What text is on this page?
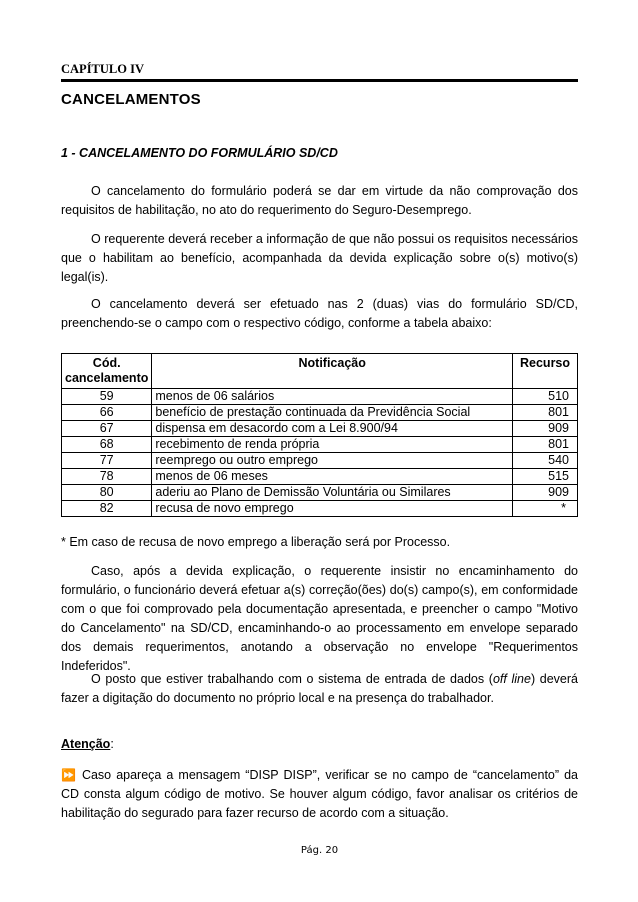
CAPÍTULO IV
CANCELAMENTOS
1 - CANCELAMENTO DO FORMULÁRIO SD/CD

O cancelamento do formulário poderá se dar em virtude da não comprovação dos requisitos de habilitação, no ato do requerimento do Seguro-Desemprego.

O requerente deverá receber a informação de que não possui os requisitos necessários que o habilitam ao benefício, acompanhada da devida explicação sobre o(s) motivo(s) legal(is).

O cancelamento deverá ser efetuado nas 2 (duas) vias do formulário SD/CD, preenchendo-se o campo com o respectivo código, conforme a tabela abaixo:

Cód. cancelamento	Notificação	Recurso
59	menos de 06 salários	510
66	benefício de prestação continuada da Previdência Social	801
67	dispensa em desacordo com a Lei 8.900/94	909
68	recebimento de renda própria	801
77	reemprego ou outro emprego	540
78	menos de 06 meses	515
80	aderiu ao Plano de Demissão Voluntária ou Similares	909
82	recusa de novo emprego	*

* Em caso de recusa de novo emprego a liberação será por Processo.

Caso, após a devida explicação, o requerente insistir no encaminhamento do formulário, o funcionário deverá efetuar a(s) correção(ões) do(s) campo(s), em conformidade com o que foi comprovado pela documentação apresentada, e preencher o campo "Motivo do Cancelamento" na SD/CD, encaminhando-o ao processamento em envelope separado dos demais requerimentos, anotando a observação no envelope "Requerimentos Indeferidos".

O posto que estiver trabalhando com o sistema de entrada de dados (off line) deverá fazer a digitação do documento no próprio local e na presença do trabalhador.

Atenção:
⏩ Caso apareça a mensagem “DISP DISP”, verificar se no campo de “cancelamento” da CD consta algum código de motivo. Se houver algum código, favor analisar os critérios de habilitação do segurado para fazer recurso de acordo com a situação.
Pág. 20
